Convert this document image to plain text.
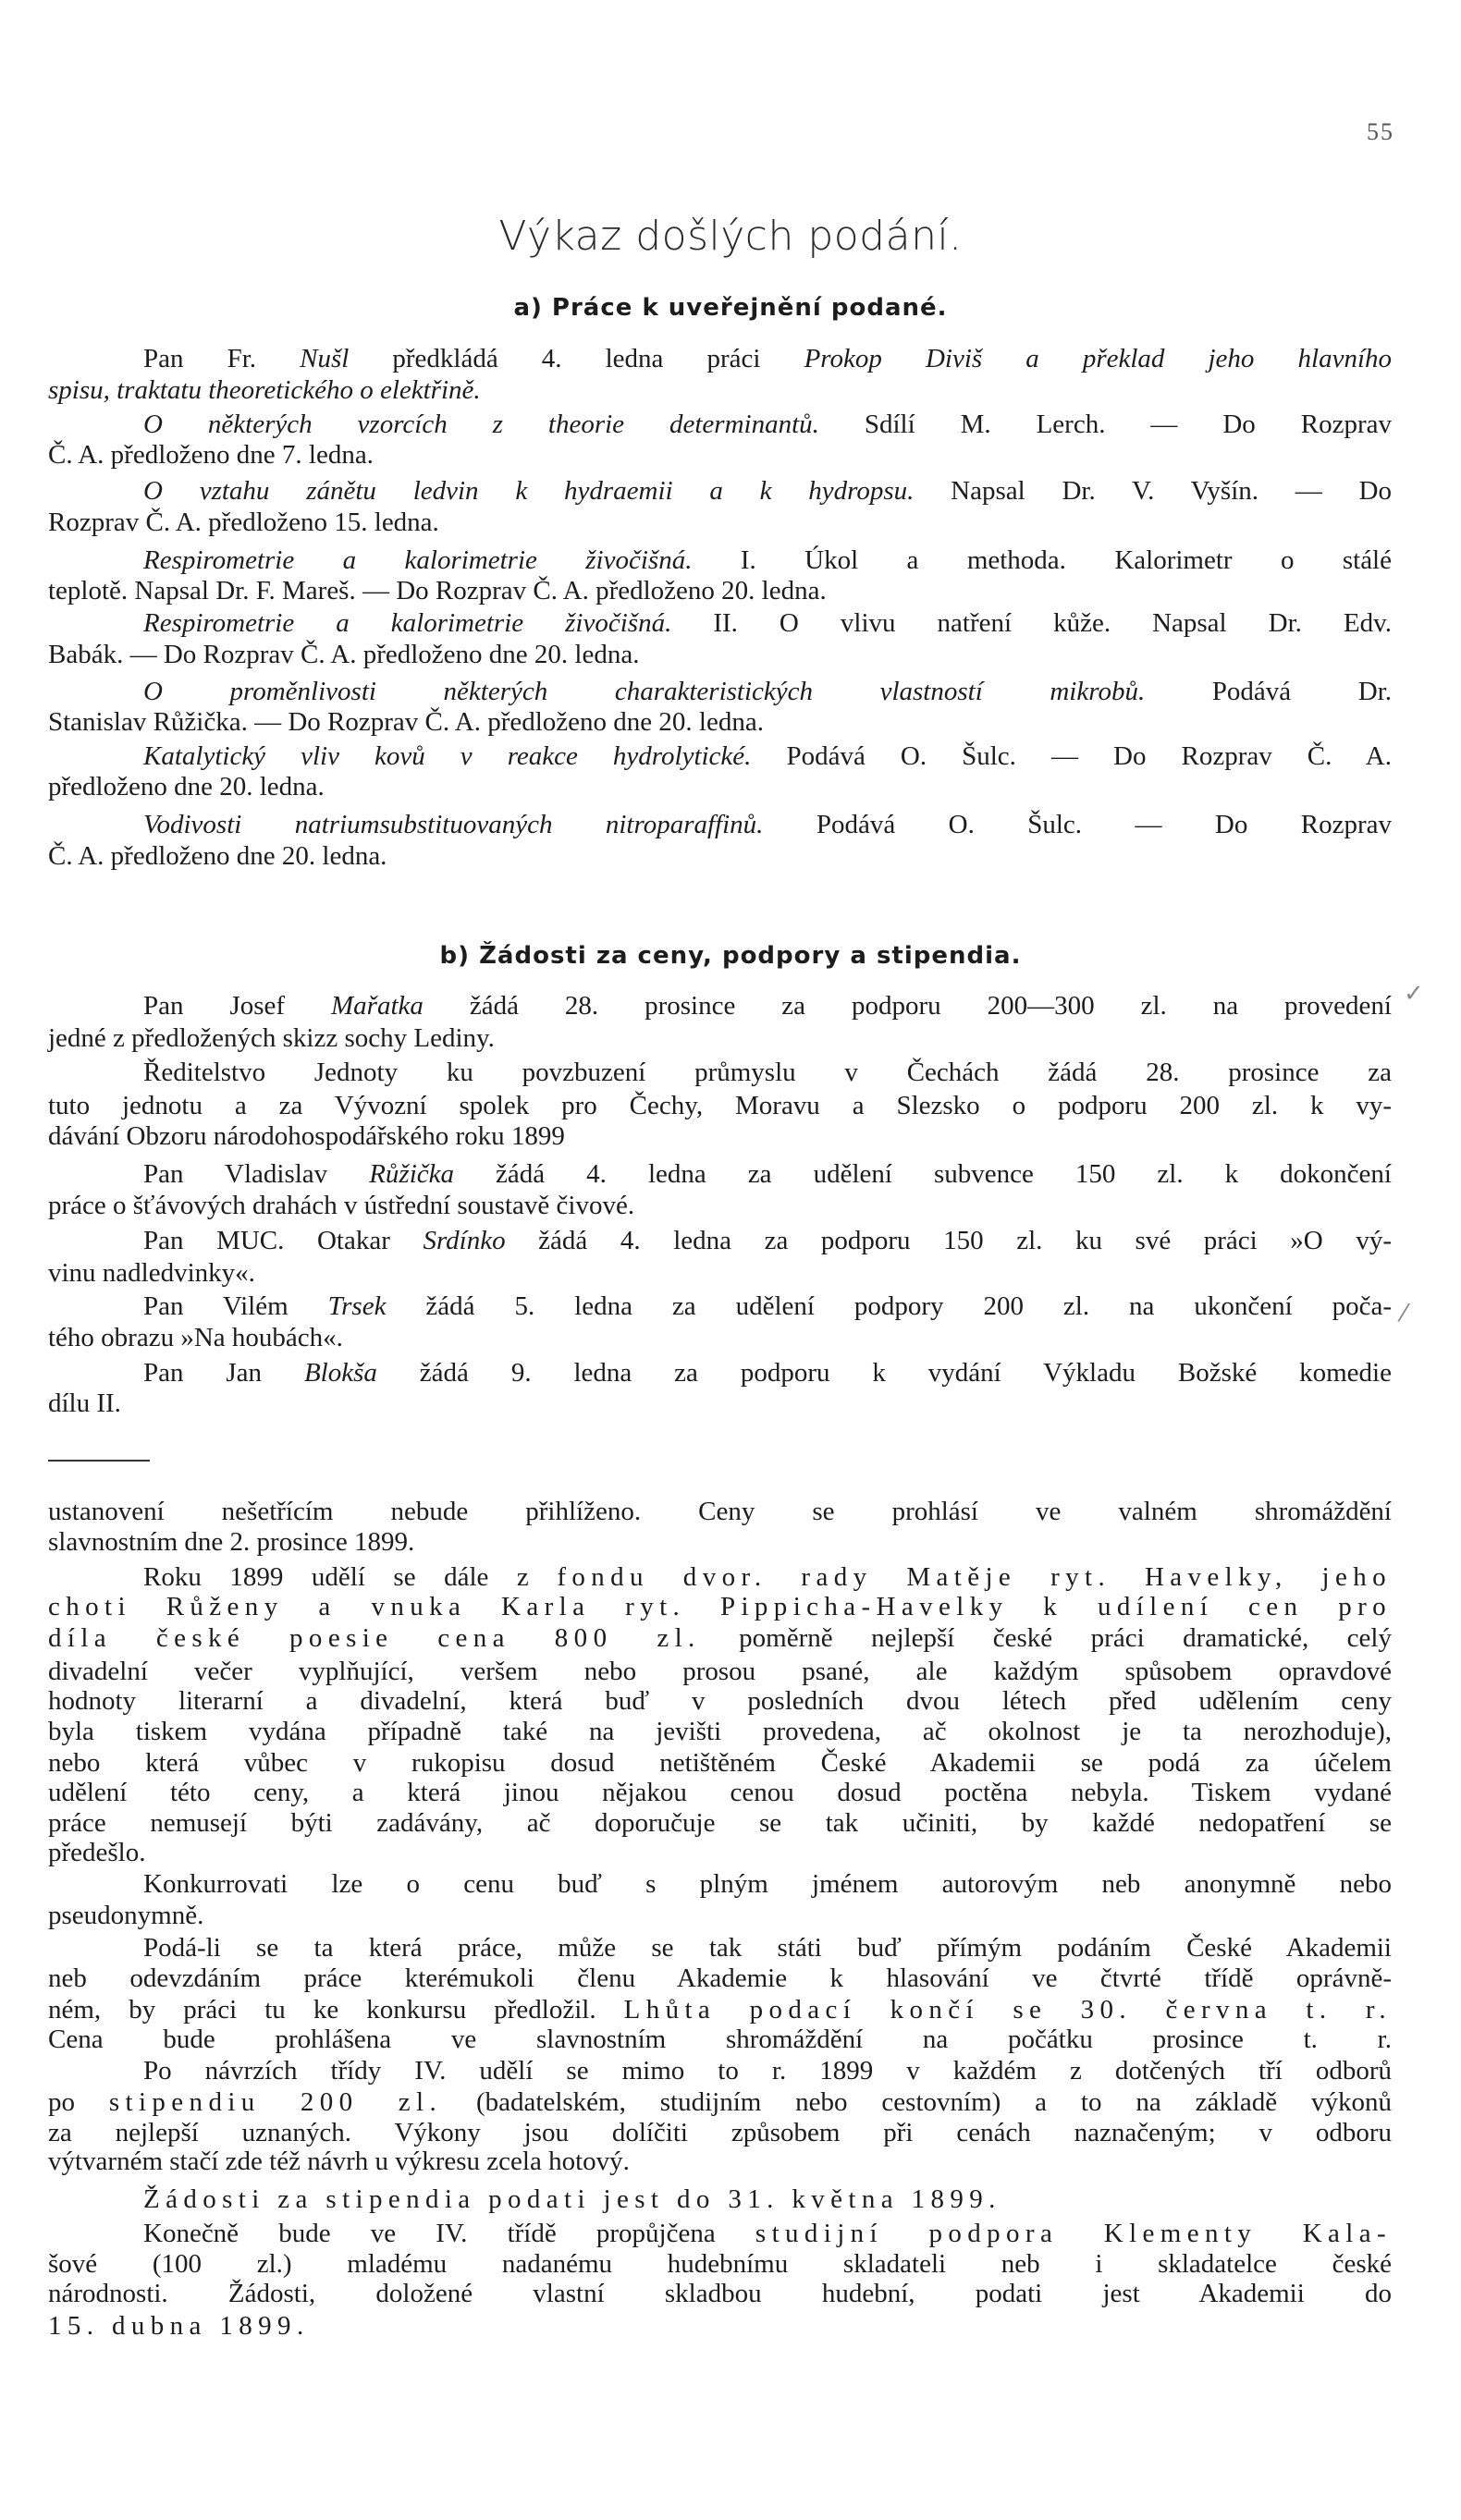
55
Výkaz došlých podání.
a) Práce k uveřejnění podané.
Pan Fr. Nušl předkládá 4. ledna práci Prokop Diviš a překlad jeho hlavního
spisu, traktatu theoretického o elektřině.
O některých vzorcích z theorie determinantů. Sdílí M. Lerch. — Do Rozprav
Č. A. předloženo dne 7. ledna.
O vztahu zánětu ledvin k hydraemii a k hydropsu. Napsal Dr. V. Vyšín. — Do
Rozprav Č. A. předloženo 15. ledna.
Respirometrie a kalorimetrie živočišná. I. Úkol a methoda. Kalorimetr o stálé
teplotě. Napsal Dr. F. Mareš. — Do Rozprav Č. A. předloženo 20. ledna.
Respirometrie a kalorimetrie živočišná. II. O vlivu natření kůže. Napsal Dr. Edv.
Babák. — Do Rozprav Č. A. předloženo dne 20. ledna.
O proměnlivosti některých charakteristických vlastností mikrobů. Podává Dr.
Stanislav Růžička. — Do Rozprav Č. A. předloženo dne 20. ledna.
Katalytický vliv kovů v reakce hydrolytické. Podává O. Šulc. — Do Rozprav Č. A.
předloženo dne 20. ledna.
Vodivosti natriumsubstituovaných nitroparaffinů. Podává O. Šulc. — Do Rozprav
Č. A. předloženo dne 20. ledna.
b) Žádosti za ceny, podpory a stipendia.
Pan Josef Mařatka žádá 28. prosince za podporu 200—300 zl. na provedení
jedné z předložených skizz sochy Lediny.
Ředitelstvo Jednoty ku povzbuzení průmyslu v Čechách žádá 28. prosince za
tuto jednotu a za Vývozní spolek pro Čechy, Moravu a Slezsko o podporu 200 zl. k vy-
dávání Obzoru národohospodářského roku 1899
Pan Vladislav Růžička žádá 4. ledna za udělení subvence 150 zl. k dokončení
práce o šťávových drahách v ústřední soustavě čivové.
Pan MUC. Otakar Srdínko žádá 4. ledna za podporu 150 zl. ku své práci »O vý-
vinu nadledvinky«.
Pan Vilém Trsek žádá 5. ledna za udělení podpory 200 zl. na ukončení poča-
tého obrazu »Na houbách«.
Pan Jan Blokša žádá 9. ledna za podporu k vydání Výkladu Božské komedie
dílu II.
ustanovení nešetřícím nebude přihlíženo. Ceny se prohlásí ve valném shromáždění
slavnostním dne 2. prosince 1899.
Roku 1899 udělí se dále z fondu dvor. rady Matěje ryt. Havelky, jeho
choti Růženy a vnuka Karla ryt. Pippicha-Havelky k udílení cen pro
díla české poesie cena 800 zl. poměrně nejlepší české práci dramatické, celý
divadelní večer vyplňující, veršem nebo prosou psané, ale každým spůsobem opravdové
hodnoty literarní a divadelní, která buď v posledních dvou létech před udělením ceny
byla tiskem vydána případně také na jevišti provedena, ač okolnost je ta nerozhoduje),
nebo která vůbec v rukopisu dosud netištěném České Akademii se podá za účelem
udělení této ceny, a která jinou nějakou cenou dosud poctěna nebyla. Tiskem vydané
práce nemusejí býti zadávány, ač doporučuje se tak učiniti, by každé nedopatření se
předešlo.
Konkurrovati lze o cenu buď s plným jménem autorovým neb anonymně nebo
pseudonymně.
Podá-li se ta která práce, může se tak státi buď přímým podáním České Akademii
neb odevzdáním práce kterémukoli členu Akademie k hlasování ve čtvrté třídě oprávně-
ném, by práci tu ke konkursu předložil. Lhůta podací končí se 30. června t. r.
Cena bude prohlášena ve slavnostním shromáždění na počátku prosince t. r.
Po návrzích třídy IV. udělí se mimo to r. 1899 v každém z dotčených tří odborů
po stipendiu 200 zl. (badatelském, studijním nebo cestovním) a to na základě výkonů
za nejlepší uznaných. Výkony jsou dolíčiti způsobem při cenách naznačeným; v odboru
výtvarném stačí zde též návrh u výkresu zcela hotový.
Žádosti za stipendia podati jest do 31. května 1899.
Konečně bude ve IV. třídě propůjčena studijní podpora Klementy Kala-
šové (100 zl.) mladému nadanému hudebnímu skladateli neb i skladatelce české
národnosti. Žádosti, doložené vlastní skladbou hudební, podati jest Akademii do
15. dubna 1899.
✓
⁄
